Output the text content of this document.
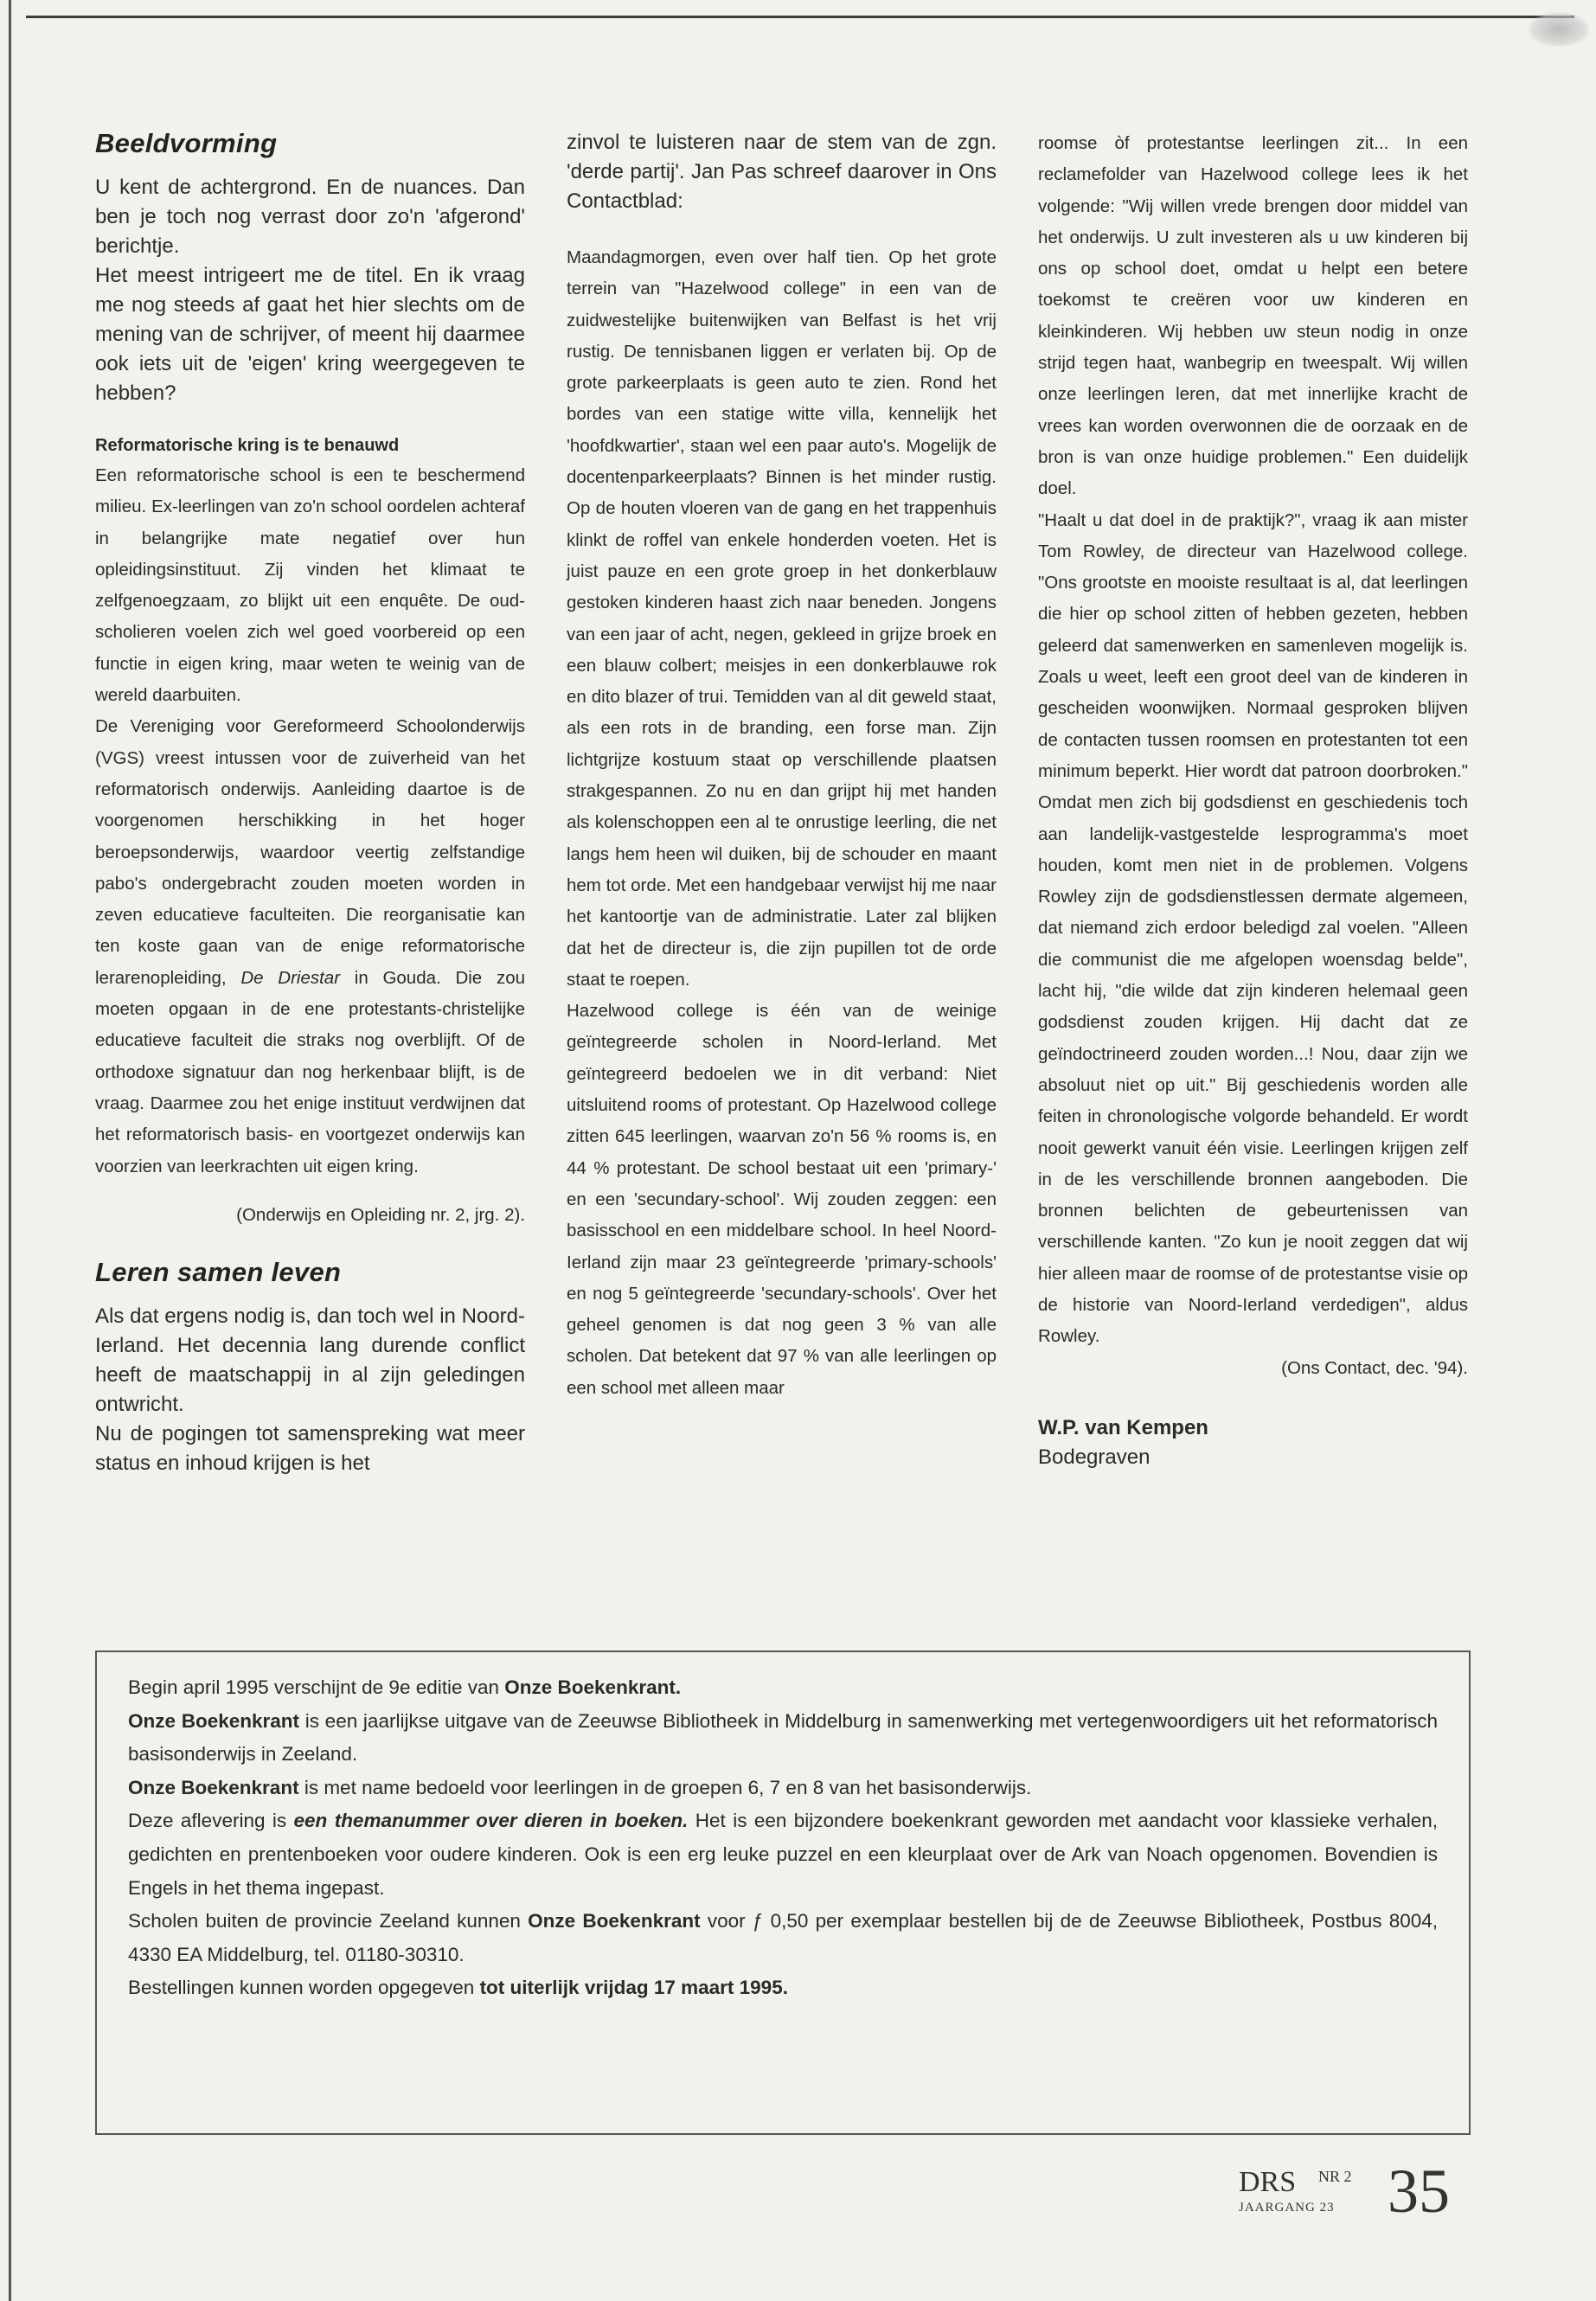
Beeldvorming

U kent de achtergrond. En de nuances. Dan ben je toch nog verrast door zo'n 'afgerond' berichtje.

Het meest intrigeert me de titel. En ik vraag me nog steeds af gaat het hier slechts om de mening van de schrijver, of meent hij daarmee ook iets uit de 'eigen' kring weergegeven te hebben?

Reformatorische kring is te benauwd

Een reformatorische school is een te beschermend milieu. Ex-leerlingen van zo'n school oordelen achteraf in belangrijke mate negatief over hun opleidingsinstituut. Zij vinden het klimaat te zelfgenoegzaam, zo blijkt uit een enquête. De oud-scholieren voelen zich wel goed voorbereid op een functie in eigen kring, maar weten te weinig van de wereld daarbuiten.

De Vereniging voor Gereformeerd Schoolonderwijs (VGS) vreest intussen voor de zuiverheid van het reformatorisch onderwijs. Aanleiding daartoe is de voorgenomen herschikking in het hoger beroepsonderwijs, waardoor veertig zelfstandige pabo's ondergebracht zouden moeten worden in zeven educatieve faculteiten. Die reorganisatie kan ten koste gaan van de enige reformatorische lerarenopleiding, De Driestar in Gouda. Die zou moeten opgaan in de ene protestants-christelijke educatieve faculteit die straks nog overblijft. Of de orthodoxe signatuur dan nog herkenbaar blijft, is de vraag. Daarmee zou het enige instituut verdwijnen dat het reformatorisch basis- en voortgezet onderwijs kan voorzien van leerkrachten uit eigen kring.

(Onderwijs en Opleiding nr. 2, jrg. 2).

Leren samen leven

Als dat ergens nodig is, dan toch wel in Noord-Ierland. Het decennia lang durende conflict heeft de maatschappij in al zijn geledingen ontwricht.

Nu de pogingen tot samenspreking wat meer status en inhoud krijgen is het

zinvol te luisteren naar de stem van de zgn. 'derde partij'. Jan Pas schreef daarover in Ons Contactblad:

Maandagmorgen, even over half tien. Op het grote terrein van "Hazelwood college" in een van de zuidwestelijke buitenwijken van Belfast is het vrij rustig. De tennisbanen liggen er verlaten bij. Op de grote parkeerplaats is geen auto te zien. Rond het bordes van een statige witte villa, kennelijk het 'hoofdkwartier', staan wel een paar auto's. Mogelijk de docentenparkeerplaats? Binnen is het minder rustig. Op de houten vloeren van de gang en het trappenhuis klinkt de roffel van enkele honderden voeten. Het is juist pauze en een grote groep in het donkerblauw gestoken kinderen haast zich naar beneden. Jongens van een jaar of acht, negen, gekleed in grijze broek en een blauw colbert; meisjes in een donkerblauwe rok en dito blazer of trui. Temidden van al dit geweld staat, als een rots in de branding, een forse man. Zijn lichtgrijze kostuum staat op verschillende plaatsen strakgespannen. Zo nu en dan grijpt hij met handen als kolenschoppen een al te onrustige leerling, die net langs hem heen wil duiken, bij de schouder en maant hem tot orde. Met een handgebaar verwijst hij me naar het kantoortje van de administratie. Later zal blijken dat het de directeur is, die zijn pupillen tot de orde staat te roepen.

Hazelwood college is één van de weinige geïntegreerde scholen in Noord-Ierland. Met geïntegreerd bedoelen we in dit verband: Niet uitsluitend rooms of protestant. Op Hazelwood college zitten 645 leerlingen, waarvan zo'n 56 % rooms is, en 44 % protestant. De school bestaat uit een 'primary-' en een 'secundary-school'. Wij zouden zeggen: een basisschool en een middelbare school. In heel Noord-Ierland zijn maar 23 geïntegreerde 'primary-schools' en nog 5 geïntegreerde 'secundary-schools'. Over het geheel genomen is dat nog geen 3 % van alle scholen. Dat betekent dat 97 % van alle leerlingen op een school met alleen maar

roomse òf protestantse leerlingen zit... In een reclamefolder van Hazelwood college lees ik het volgende: "Wij willen vrede brengen door middel van het onderwijs. U zult investeren als u uw kinderen bij ons op school doet, omdat u helpt een betere toekomst te creëren voor uw kinderen en kleinkinderen. Wij hebben uw steun nodig in onze strijd tegen haat, wanbegrip en tweespalt. Wij willen onze leerlingen leren, dat met innerlijke kracht de vrees kan worden overwonnen die de oorzaak en de bron is van onze huidige problemen." Een duidelijk doel.

"Haalt u dat doel in de praktijk?", vraag ik aan mister Tom Rowley, de directeur van Hazelwood college. "Ons grootste en mooiste resultaat is al, dat leerlingen die hier op school zitten of hebben gezeten, hebben geleerd dat samenwerken en samenleven mogelijk is. Zoals u weet, leeft een groot deel van de kinderen in gescheiden woonwijken. Normaal gesproken blijven de contacten tussen roomsen en protestanten tot een minimum beperkt. Hier wordt dat patroon doorbroken." Omdat men zich bij godsdienst en geschiedenis toch aan landelijk-vastgestelde lesprogramma's moet houden, komt men niet in de problemen. Volgens Rowley zijn de godsdienstlessen dermate algemeen, dat niemand zich erdoor beledigd zal voelen. "Alleen die communist die me afgelopen woensdag belde", lacht hij, "die wilde dat zijn kinderen helemaal geen godsdienst zouden krijgen. Hij dacht dat ze geïndoctrineerd zouden worden...! Nou, daar zijn we absoluut niet op uit." Bij geschiedenis worden alle feiten in chronologische volgorde behandeld. Er wordt nooit gewerkt vanuit één visie. Leerlingen krijgen zelf in de les verschillende bronnen aangeboden. Die bronnen belichten de gebeurtenissen van verschillende kanten. "Zo kun je nooit zeggen dat wij hier alleen maar de roomse of de protestantse visie op de historie van Noord-Ierland verdedigen", aldus Rowley.

(Ons Contact, dec. '94).

W.P. van Kempen

Bodegraven

Begin april 1995 verschijnt de 9e editie van Onze Boekenkrant.

Onze Boekenkrant is een jaarlijkse uitgave van de Zeeuwse Bibliotheek in Middelburg in samenwerking met vertegenwoordigers uit het reformatorisch basisonderwijs in Zeeland.

Onze Boekenkrant is met name bedoeld voor leerlingen in de groepen 6, 7 en 8 van het basisonderwijs.

Deze aflevering is een themanummer over dieren in boeken. Het is een bijzondere boekenkrant geworden met aandacht voor klassieke verhalen, gedichten en prentenboeken voor oudere kinderen. Ook is een erg leuke puzzel en een kleurplaat over de Ark van Noach opgenomen. Bovendien is Engels in het thema ingepast.

Scholen buiten de provincie Zeeland kunnen Onze Boekenkrant voor ƒ 0,50 per exemplaar bestellen bij de de Zeeuwse Bibliotheek, Postbus 8004, 4330 EA Middelburg, tel. 01180-30310.

Bestellingen kunnen worden opgegeven tot uiterlijk vrijdag 17 maart 1995.

DRS NR 2
JAARGANG 23 35
